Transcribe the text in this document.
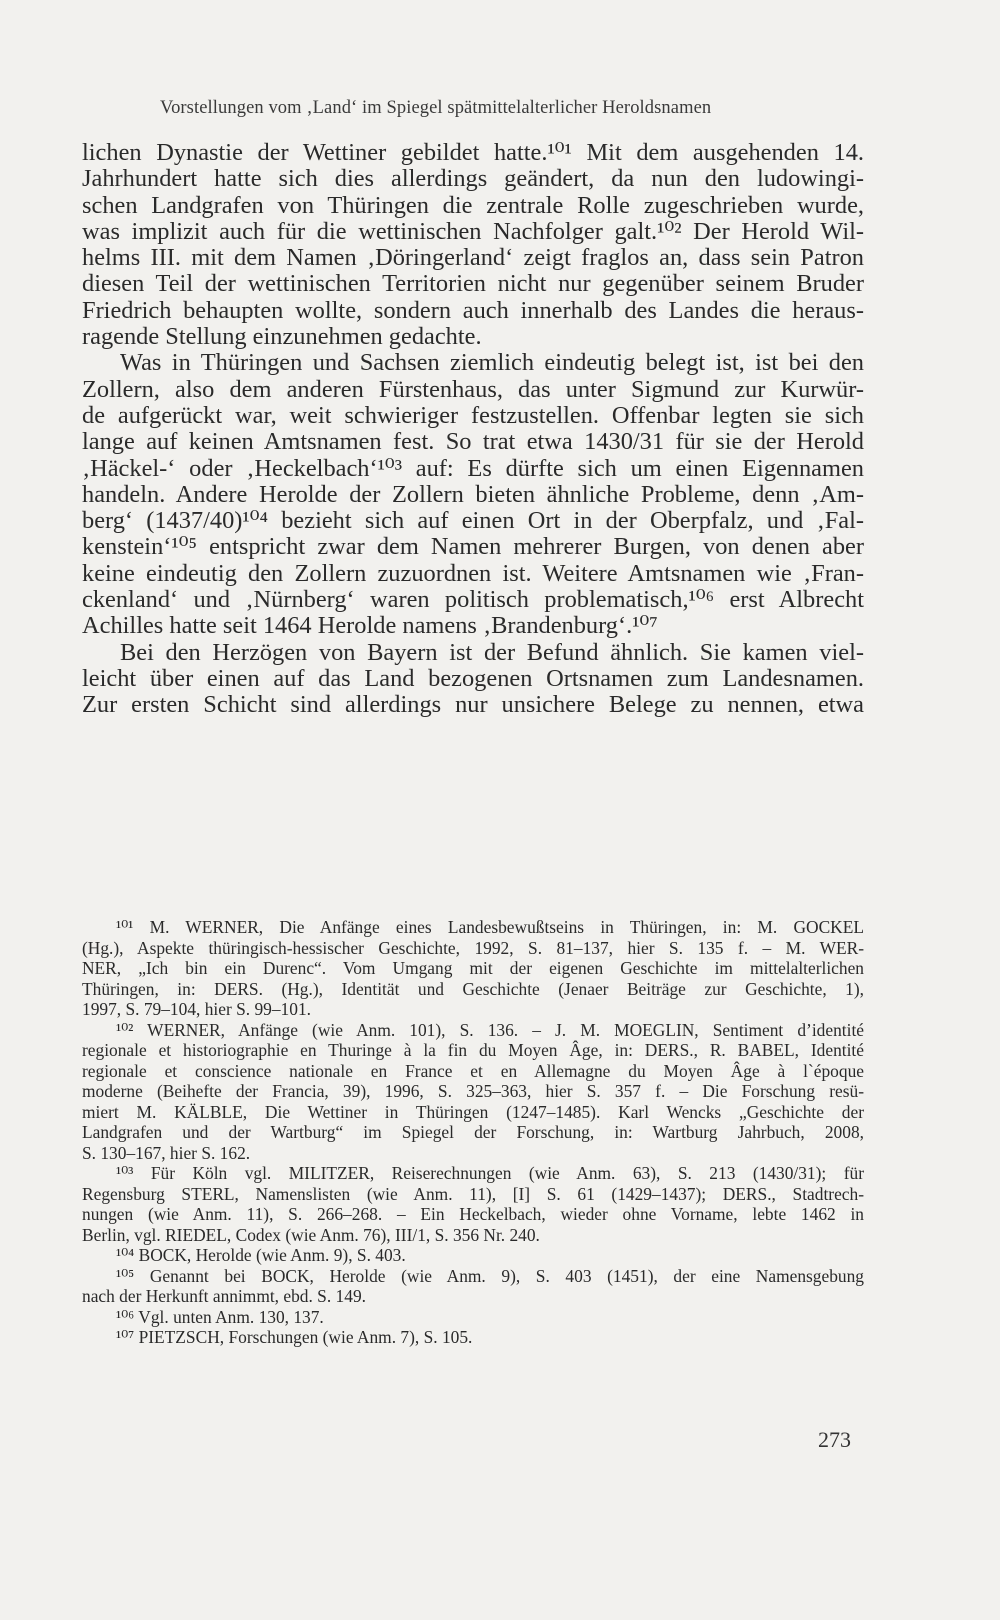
Vorstellungen vom ‚Land‘ im Spiegel spätmittelalterlicher Heroldsnamen
lichen Dynastie der Wettiner gebildet hatte.¹⁰¹ Mit dem ausgehenden 14.
Jahrhundert hatte sich dies allerdings geändert, da nun den ludowingi-
schen Landgrafen von Thüringen die zentrale Rolle zugeschrieben wurde,
was implizit auch für die wettinischen Nachfolger galt.¹⁰² Der Herold Wil-
helms III. mit dem Namen ‚Döringerland‘ zeigt fraglos an, dass sein Patron
diesen Teil der wettinischen Territorien nicht nur gegenüber seinem Bruder
Friedrich behaupten wollte, sondern auch innerhalb des Landes die heraus-
ragende Stellung einzunehmen gedachte.
Was in Thüringen und Sachsen ziemlich eindeutig belegt ist, ist bei den
Zollern, also dem anderen Fürstenhaus, das unter Sigmund zur Kurwür-
de aufgerückt war, weit schwieriger festzustellen. Offenbar legten sie sich
lange auf keinen Amtsnamen fest. So trat etwa 1430/31 für sie der Herold
‚Häckel-‘ oder ‚Heckelbach‘¹⁰³ auf: Es dürfte sich um einen Eigennamen
handeln. Andere Herolde der Zollern bieten ähnliche Probleme, denn ‚Am-
berg‘ (1437/40)¹⁰⁴ bezieht sich auf einen Ort in der Oberpfalz, und ‚Fal-
kenstein‘¹⁰⁵ entspricht zwar dem Namen mehrerer Burgen, von denen aber
keine eindeutig den Zollern zuzuordnen ist. Weitere Amtsnamen wie ‚Fran-
ckenland‘ und ‚Nürnberg‘ waren politisch problematisch,¹⁰⁶ erst Albrecht
Achilles hatte seit 1464 Herolde namens ‚Brandenburg‘.¹⁰⁷
Bei den Herzögen von Bayern ist der Befund ähnlich. Sie kamen viel-
leicht über einen auf das Land bezogenen Ortsnamen zum Landesnamen.
Zur ersten Schicht sind allerdings nur unsichere Belege zu nennen, etwa
¹⁰¹ M. WERNER, Die Anfänge eines Landesbewußtseins in Thüringen, in: M. GOCKEL
(Hg.), Aspekte thüringisch-hessischer Geschichte, 1992, S. 81–137, hier S. 135 f. – M. WER-
NER, „Ich bin ein Durenc“. Vom Umgang mit der eigenen Geschichte im mittelalterlichen
Thüringen, in: DERS. (Hg.), Identität und Geschichte (Jenaer Beiträge zur Geschichte, 1),
1997, S. 79–104, hier S. 99–101.
¹⁰² WERNER, Anfänge (wie Anm. 101), S. 136. – J. M. MOEGLIN, Sentiment d’identité
regionale et historiographie en Thuringe à la fin du Moyen Âge, in: DERS., R. BABEL, Identité
regionale et conscience nationale en France et en Allemagne du Moyen Âge à l`époque
moderne (Beihefte der Francia, 39), 1996, S. 325–363, hier S. 357 f. – Die Forschung resü-
miert M. KÄLBLE, Die Wettiner in Thüringen (1247–1485). Karl Wencks „Geschichte der
Landgrafen und der Wartburg“ im Spiegel der Forschung, in: Wartburg Jahrbuch, 2008,
S. 130–167, hier S. 162.
¹⁰³ Für Köln vgl. MILITZER, Reiserechnungen (wie Anm. 63), S. 213 (1430/31); für
Regensburg STERL, Namenslisten (wie Anm. 11), [I] S. 61 (1429–1437); DERS., Stadtrech-
nungen (wie Anm. 11), S. 266–268. – Ein Heckelbach, wieder ohne Vorname, lebte 1462 in
Berlin, vgl. RIEDEL, Codex (wie Anm. 76), III/1, S. 356 Nr. 240.
¹⁰⁴ BOCK, Herolde (wie Anm. 9), S. 403.
¹⁰⁵ Genannt bei BOCK, Herolde (wie Anm. 9), S. 403 (1451), der eine Namensgebung
nach der Herkunft annimmt, ebd. S. 149.
¹⁰⁶ Vgl. unten Anm. 130, 137.
¹⁰⁷ PIETZSCH, Forschungen (wie Anm. 7), S. 105.
273
